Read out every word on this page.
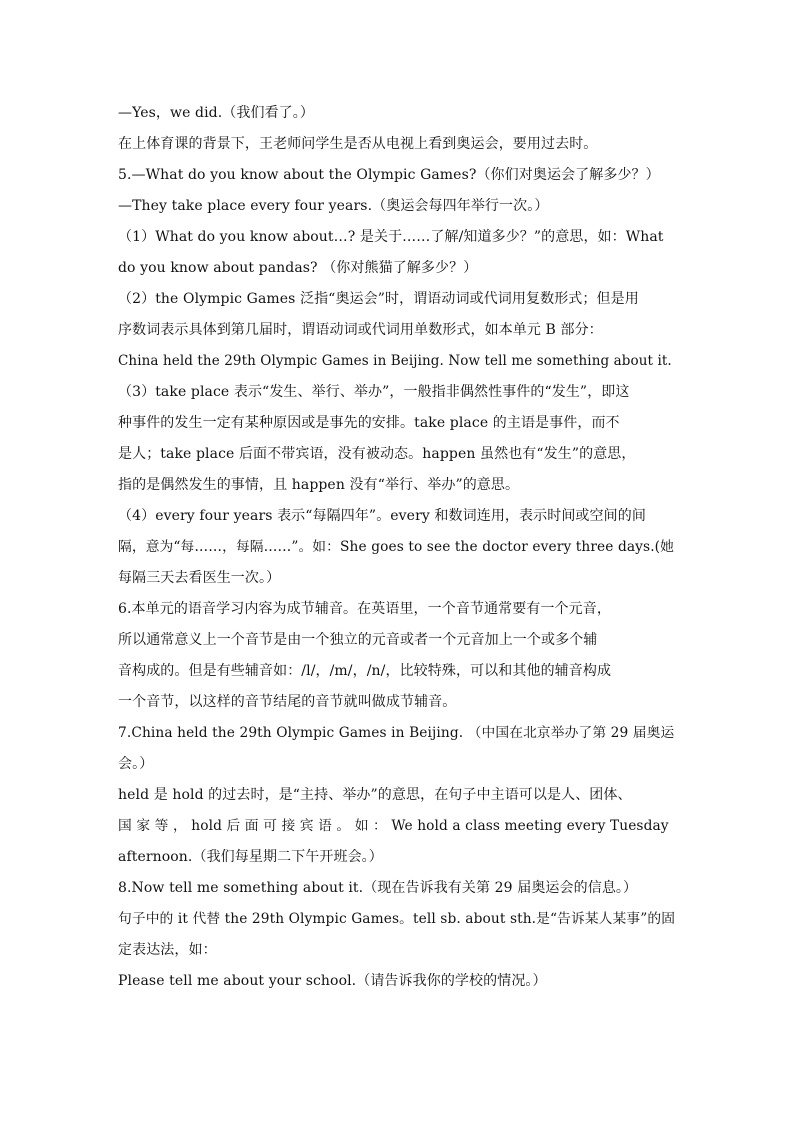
—Yes，we did.（我们看了。）
在上体育课的背景下，王老师问学生是否从电视上看到奥运会，要用过去时。
5.—What do you know about the Olympic Games?（你们对奥运会了解多少？）
—They take place every four years.（奥运会每四年举行一次。）
（1）What do you know about…? 是关于……了解/知道多少？”的意思，如：What
do you know about pandas? （你对熊猫了解多少？）
（2）the Olympic Games 泛指“奥运会”时，谓语动词或代词用复数形式；但是用
序数词表示具体到第几届时，谓语动词或代词用单数形式，如本单元 B 部分：
China held the 29th Olympic Games in Beijing. Now tell me something about it.
（3）take place 表示“发生、举行、举办”，一般指非偶然性事件的“发生”，即这
种事件的发生一定有某种原因或是事先的安排。take place 的主语是事件，而不
是人；take place 后面不带宾语，没有被动态。happen 虽然也有“发生”的意思，
指的是偶然发生的事情，且 happen 没有“举行、举办”的意思。
（4）every four years 表示“每隔四年”。every 和数词连用，表示时间或空间的间
隔，意为“每……，每隔……”。如：She goes to see the doctor every three days.(她
每隔三天去看医生一次。）
6.本单元的语音学习内容为成节辅音。在英语里，一个音节通常要有一个元音，
所以通常意义上一个音节是由一个独立的元音或者一个元音加上一个或多个辅
音构成的。但是有些辅音如：/l/，/m/，/n/，比较特殊，可以和其他的辅音构成
一个音节，以这样的音节结尾的音节就叫做成节辅音。
7.China held the 29th Olympic Games in Beijing. （中国在北京举办了第 29 届奥运
会。）
held 是 hold 的过去时，是“主持、举办”的意思，在句子中主语可以是人、团体、
国 家 等 ， hold 后 面 可 接 宾 语 。 如 ： We hold a class meeting every Tuesday
afternoon.（我们每星期二下午开班会。）
8.Now tell me something about it.（现在告诉我有关第 29 届奥运会的信息。）
句子中的 it 代替 the 29th Olympic Games。tell sb. about sth.是“告诉某人某事”的固
定表达法，如：
Please tell me about your school.（请告诉我你的学校的情况。）
